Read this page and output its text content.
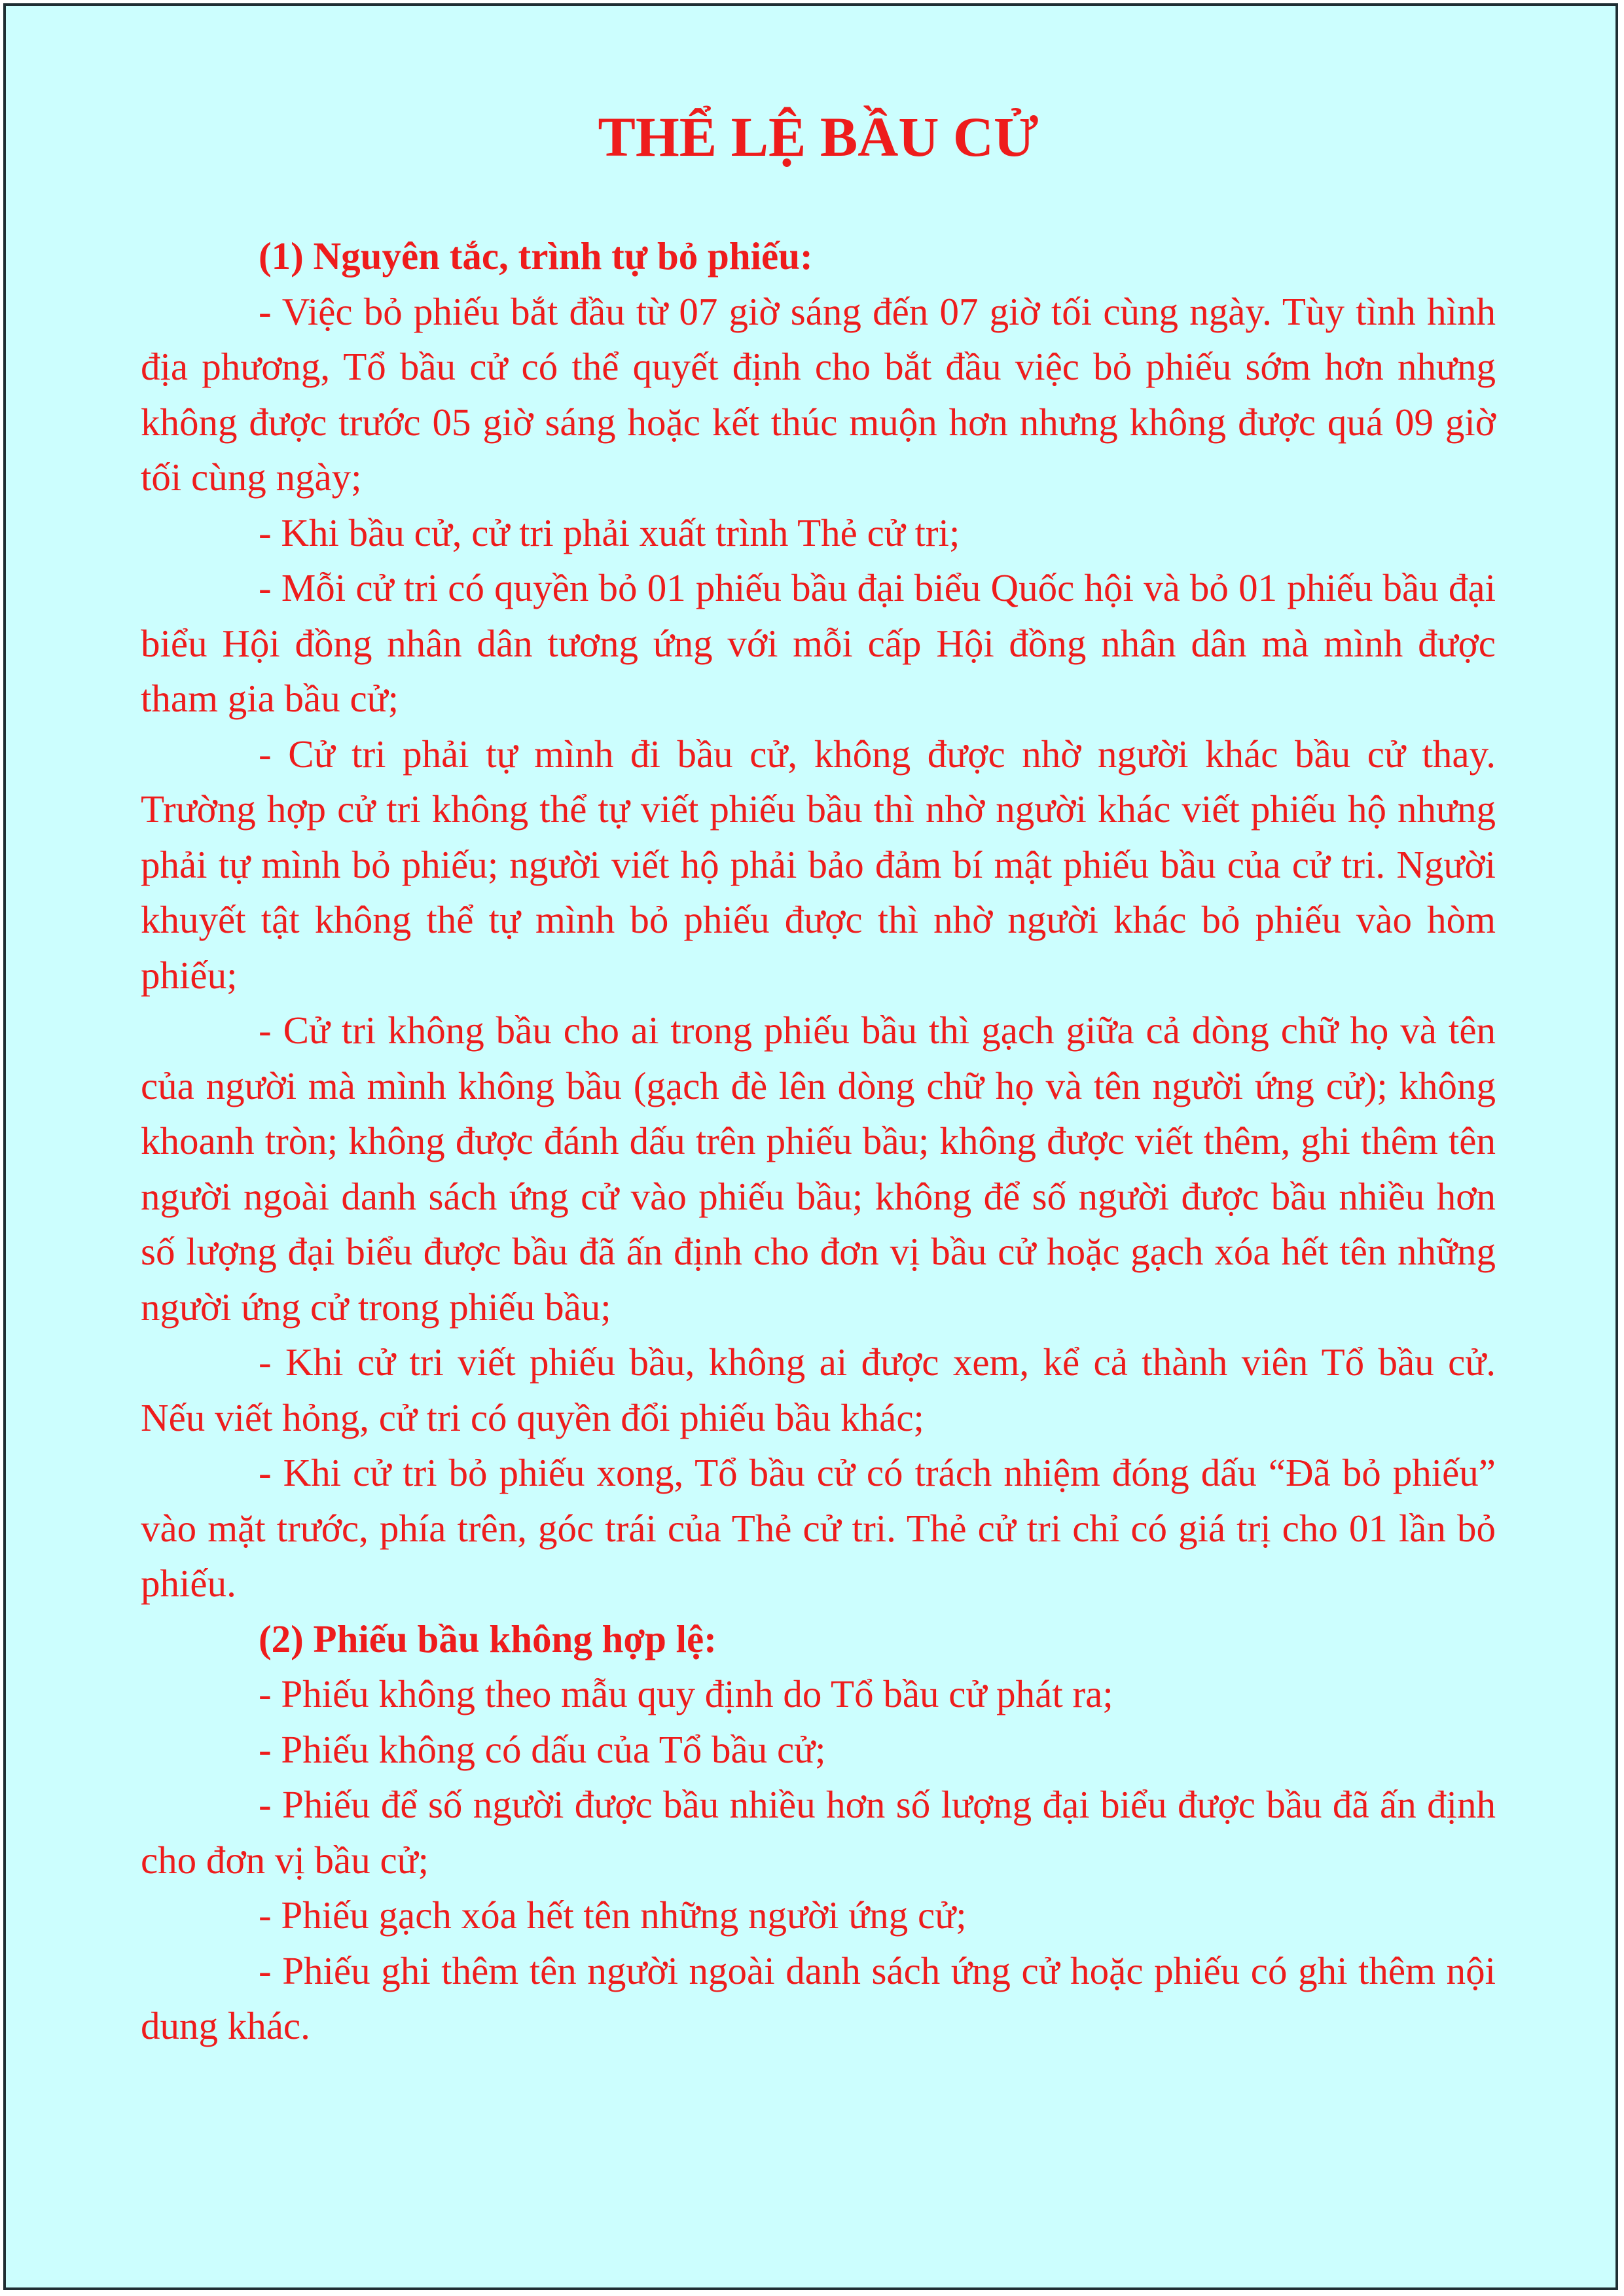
THỂ LỆ BẦU CỬ

(1) Nguyên tắc, trình tự bỏ phiếu:

- Việc bỏ phiếu bắt đầu từ 07 giờ sáng đến 07 giờ tối cùng ngày. Tùy tình hình địa phương, Tổ bầu cử có thể quyết định cho bắt đầu việc bỏ phiếu sớm hơn nhưng không được trước 05 giờ sáng hoặc kết thúc muộn hơn nhưng không được quá 09 giờ tối cùng ngày;

- Khi bầu cử, cử tri phải xuất trình Thẻ cử tri;

- Mỗi cử tri có quyền bỏ 01 phiếu bầu đại biểu Quốc hội và bỏ 01 phiếu bầu đại biểu Hội đồng nhân dân tương ứng với mỗi cấp Hội đồng nhân dân mà mình được tham gia bầu cử;

- Cử tri phải tự mình đi bầu cử, không được nhờ người khác bầu cử thay. Trường hợp cử tri không thể tự viết phiếu bầu thì nhờ người khác viết phiếu hộ nhưng phải tự mình bỏ phiếu; người viết hộ phải bảo đảm bí mật phiếu bầu của cử tri. Người khuyết tật không thể tự mình bỏ phiếu được thì nhờ người khác bỏ phiếu vào hòm phiếu;

- Cử tri không bầu cho ai trong phiếu bầu thì gạch giữa cả dòng chữ họ và tên của người mà mình không bầu (gạch đè lên dòng chữ họ và tên người ứng cử); không khoanh tròn; không được đánh dấu trên phiếu bầu; không được viết thêm, ghi thêm tên người ngoài danh sách ứng cử vào phiếu bầu; không để số người được bầu nhiều hơn số lượng đại biểu được bầu đã ấn định cho đơn vị bầu cử hoặc gạch xóa hết tên những người ứng cử trong phiếu bầu;

- Khi cử tri viết phiếu bầu, không ai được xem, kể cả thành viên Tổ bầu cử. Nếu viết hỏng, cử tri có quyền đổi phiếu bầu khác;

- Khi cử tri bỏ phiếu xong, Tổ bầu cử có trách nhiệm đóng dấu “Đã bỏ phiếu” vào mặt trước, phía trên, góc trái của Thẻ cử tri. Thẻ cử tri chỉ có giá trị cho 01 lần bỏ phiếu.

(2) Phiếu bầu không hợp lệ:

- Phiếu không theo mẫu quy định do Tổ bầu cử phát ra;

- Phiếu không có dấu của Tổ bầu cử;

- Phiếu để số người được bầu nhiều hơn số lượng đại biểu được bầu đã ấn định cho đơn vị bầu cử;

- Phiếu gạch xóa hết tên những người ứng cử;

- Phiếu ghi thêm tên người ngoài danh sách ứng cử hoặc phiếu có ghi thêm nội dung khác.
